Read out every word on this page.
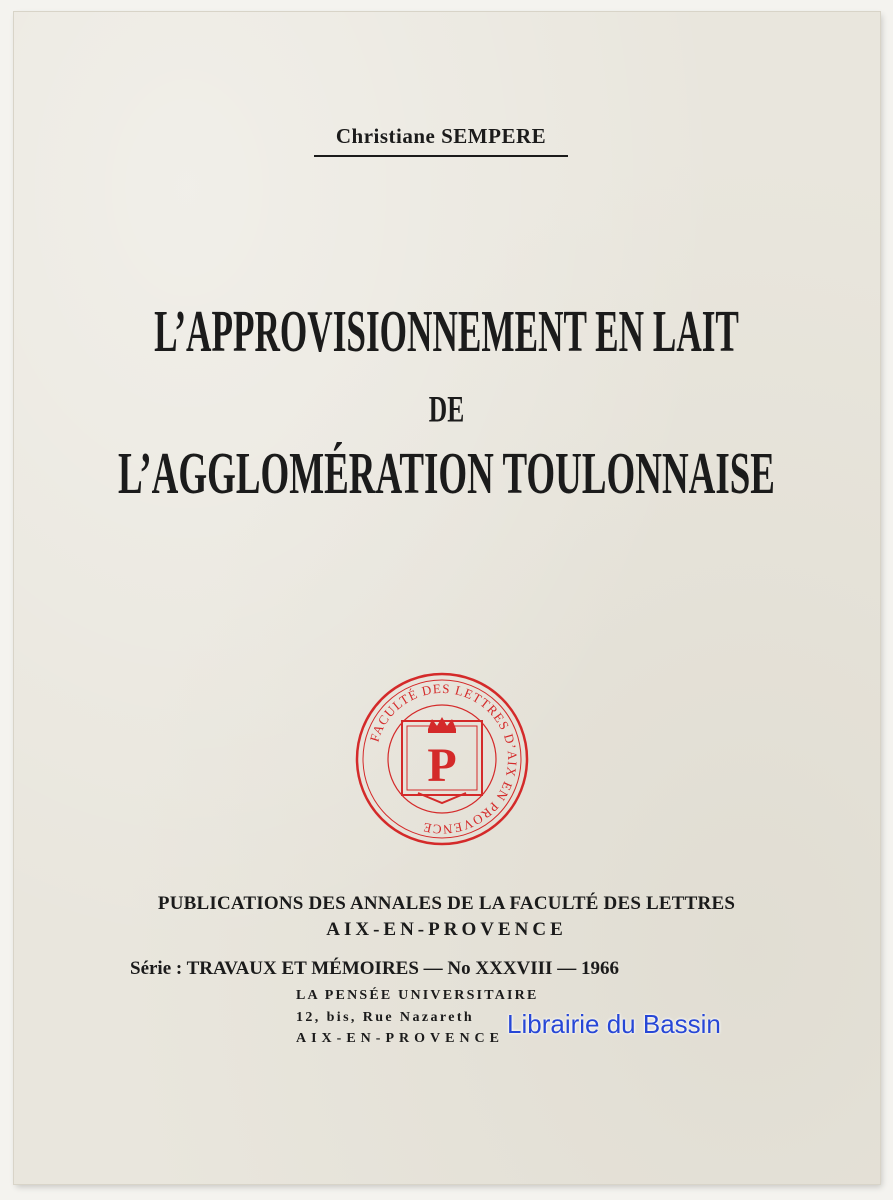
Christiane SEMPERE
L’APPROVISIONNEMENT EN LAIT
DE
L’AGGLOMÉRATION TOULONNAISE
FACULTÉ DES LETTRES D’AIX EN PROVENCE
P
PUBLICATIONS DES ANNALES DE LA FACULTÉ DES LETTRES
AIX-EN-PROVENCE
Série : TRAVAUX ET MÉMOIRES — No XXXVIII — 1966
LA PENSÉE UNIVERSITAIRE
12, bis, Rue Nazareth
AIX-EN-PROVENCE Librairie du Bassin
